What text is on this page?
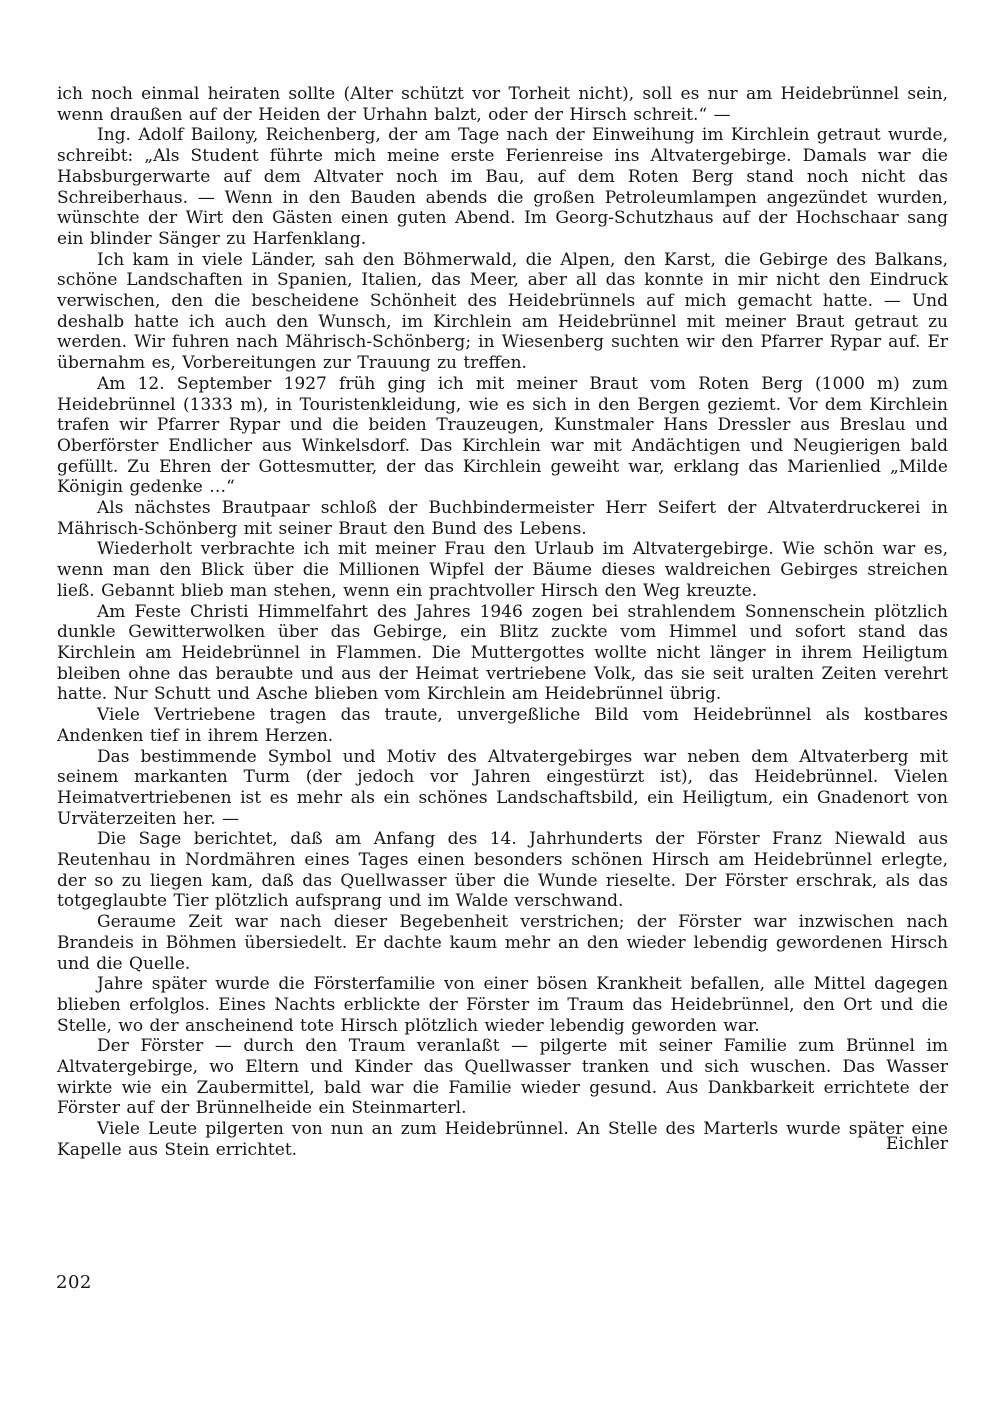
ich noch einmal heiraten sollte (Alter schützt vor Torheit nicht), soll es nur am Heidebrünnel sein, wenn draußen auf der Heiden der Urhahn balzt, oder der Hirsch schreit.“ —

Ing. Adolf Bailony, Reichenberg, der am Tage nach der Einweihung im Kirchlein getraut wurde, schreibt: „Als Student führte mich meine erste Ferienreise ins Altvatergebirge. Damals war die Habsburgerwarte auf dem Altvater noch im Bau, auf dem Roten Berg stand noch nicht das Schreiberhaus. — Wenn in den Bauden abends die großen Petroleumlampen angezündet wurden, wünschte der Wirt den Gästen einen guten Abend. Im Georg-Schutzhaus auf der Hochschaar sang ein blinder Sänger zu Harfenklang.

Ich kam in viele Länder, sah den Böhmerwald, die Alpen, den Karst, die Gebirge des Balkans, schöne Landschaften in Spanien, Italien, das Meer, aber all das konnte in mir nicht den Eindruck verwischen, den die bescheidene Schönheit des Heidebrünnels auf mich gemacht hatte. — Und deshalb hatte ich auch den Wunsch, im Kirchlein am Heidebrünnel mit meiner Braut getraut zu werden. Wir fuhren nach Mährisch-Schönberg; in Wiesenberg suchten wir den Pfarrer Rypar auf. Er übernahm es, Vorbereitungen zur Trauung zu treffen.

Am 12. September 1927 früh ging ich mit meiner Braut vom Roten Berg (1000 m) zum Heidebrünnel (1333 m), in Touristenkleidung, wie es sich in den Bergen geziemt. Vor dem Kirchlein trafen wir Pfarrer Rypar und die beiden Trauzeugen, Kunstmaler Hans Dressler aus Breslau und Oberförster Endlicher aus Winkelsdorf. Das Kirchlein war mit Andächtigen und Neugierigen bald gefüllt. Zu Ehren der Gottesmutter, der das Kirchlein geweiht war, erklang das Marienlied „Milde Königin gedenke …“

Als nächstes Brautpaar schloß der Buchbindermeister Herr Seifert der Altvaterdruckerei in Mährisch-Schönberg mit seiner Braut den Bund des Lebens.

Wiederholt verbrachte ich mit meiner Frau den Urlaub im Altvatergebirge. Wie schön war es, wenn man den Blick über die Millionen Wipfel der Bäume dieses waldreichen Gebirges streichen ließ. Gebannt blieb man stehen, wenn ein prachtvoller Hirsch den Weg kreuzte.

Am Feste Christi Himmelfahrt des Jahres 1946 zogen bei strahlendem Sonnenschein plötzlich dunkle Gewitterwolken über das Gebirge, ein Blitz zuckte vom Himmel und sofort stand das Kirchlein am Heidebrünnel in Flammen. Die Muttergottes wollte nicht länger in ihrem Heiligtum bleiben ohne das beraubte und aus der Heimat vertriebene Volk, das sie seit uralten Zeiten verehrt hatte. Nur Schutt und Asche blieben vom Kirchlein am Heidebrünnel übrig.

Viele Vertriebene tragen das traute, unvergeßliche Bild vom Heidebrünnel als kostbares Andenken tief in ihrem Herzen.

Das bestimmende Symbol und Motiv des Altvatergebirges war neben dem Altvaterberg mit seinem markanten Turm (der jedoch vor Jahren eingestürzt ist), das Heidebrünnel. Vielen Heimatvertriebenen ist es mehr als ein schönes Landschaftsbild, ein Heiligtum, ein Gnadenort von Urväterzeiten her. —

Die Sage berichtet, daß am Anfang des 14. Jahrhunderts der Förster Franz Niewald aus Reutenhau in Nordmähren eines Tages einen besonders schönen Hirsch am Heidebrünnel erlegte, der so zu liegen kam, daß das Quellwasser über die Wunde rieselte. Der Förster erschrak, als das totgeglaubte Tier plötzlich aufsprang und im Walde verschwand.

Geraume Zeit war nach dieser Begebenheit verstrichen; der Förster war inzwischen nach Brandeis in Böhmen übersiedelt. Er dachte kaum mehr an den wieder lebendig gewordenen Hirsch und die Quelle.

Jahre später wurde die Försterfamilie von einer bösen Krankheit befallen, alle Mittel dagegen blieben erfolglos. Eines Nachts erblickte der Förster im Traum das Heidebrünnel, den Ort und die Stelle, wo der anscheinend tote Hirsch plötzlich wieder lebendig geworden war.

Der Förster — durch den Traum veranlaßt — pilgerte mit seiner Familie zum Brünnel im Altvatergebirge, wo Eltern und Kinder das Quellwasser tranken und sich wuschen. Das Wasser wirkte wie ein Zaubermittel, bald war die Familie wieder gesund. Aus Dankbarkeit errichtete der Förster auf der Brünnelheide ein Steinmarterl.

Viele Leute pilgerten von nun an zum Heidebrünnel. An Stelle des Marterls wurde später eine Kapelle aus Stein errichtet.	Eichler
202
